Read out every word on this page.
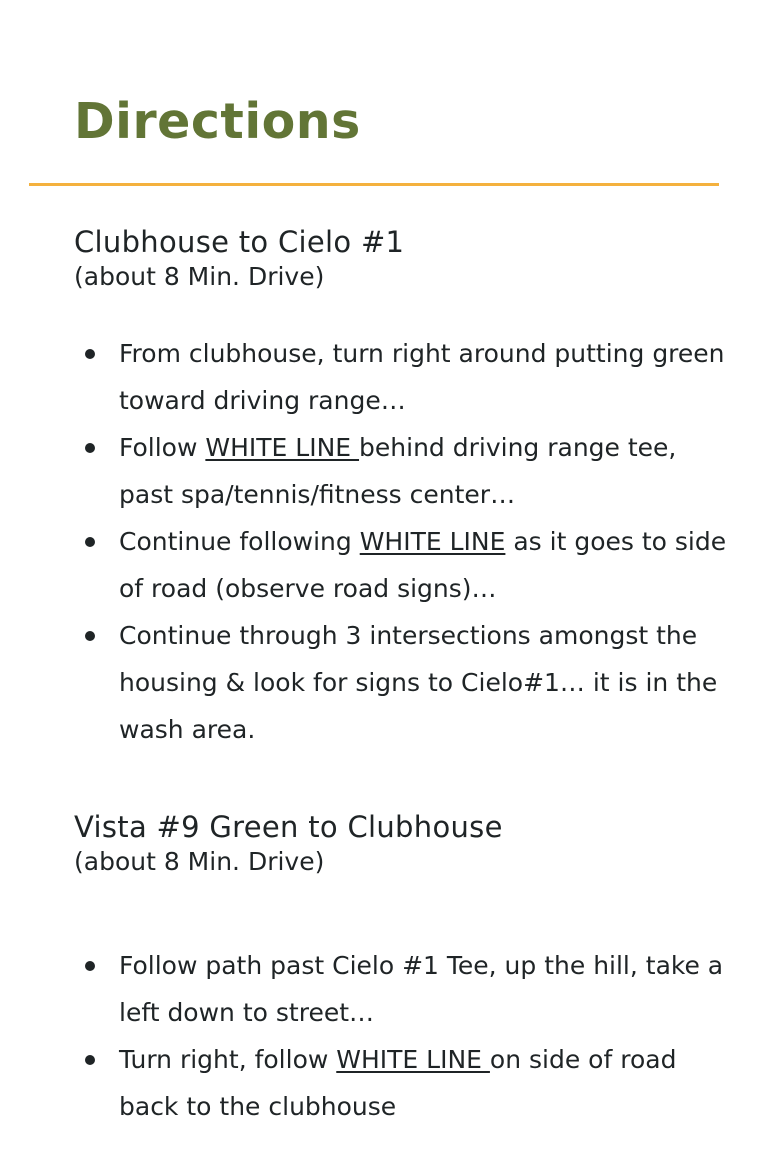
Directions
Clubhouse to Cielo #1
(about 8 Min. Drive)
From clubhouse, turn right around putting green toward driving range…
Follow WHITE LINE behind driving range tee, past spa/tennis/fitness center…
Continue following WHITE LINE as it goes to side of road (observe road signs)…
Continue through 3 intersections amongst the housing & look for signs to Cielo#1… it is in the wash area.
Vista #9 Green to Clubhouse
(about 8 Min. Drive)
Follow path past Cielo #1 Tee, up the hill, take a left down to street…
Turn right, follow WHITE LINE on side of road back to the clubhouse
